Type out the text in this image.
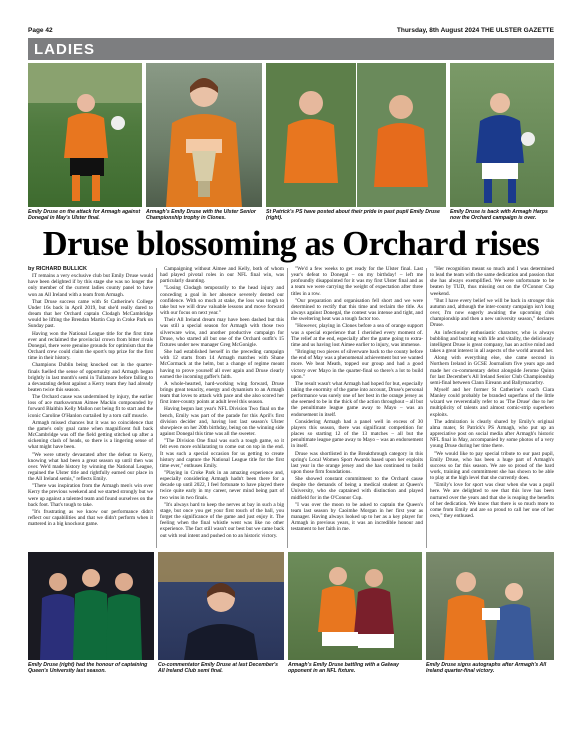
Page 42	Thursday, 8th August 2024 THE ULSTER GAZETTE
LADIES
Emily Druse on the attack for Armagh against Donegal in May's Ulster final.
Armagh's Emily Druse with the Ulster Senior Championship trophy in Clones.
St Patrick's PS have posted about their pride in past pupil Emily Druse (right).
Emily Druse is back with Armagh Harps now the Orchard campaign is over.
Druse blossoming as Orchard rises

by RICHARD BULLICK

IT remains a very exclusive club but Emily Druse would have been delighted if by this stage she was no longer the only member of the current ladies county panel to have won an All Ireland with a team from Armagh.

That Druse success came with St Catherine's College Under 16s back in April 2019, but she'd really dared to dream that her Orchard captain Clodagh McCambridge would be lifting the Brendan Martin Cup in Croke Park on Sunday past.

Having won the National League title for the first time ever and reclaimed the provincial crown from bitter rivals Donegal, there were genuine grounds for optimism that the Orchard crew could claim the sport's top prize for the first time in their history.

Champions Dublin being knocked out in the quarter-finals fuelled the sense of opportunity and Armagh began brightly in last month's semi in Tullamore before falling to a devastating defeat against a Kerry team they had already beaten twice this season.

The Orchard cause was undermined by injury, the earlier loss of ace markswoman Aimee Mackin compounded by forward Blaithin Kelly Mallon not being fit to start and the iconic Caroline O'Hanlon curtailed by a torn calf muscle.

Armagh missed chances but it was no coincidence that the game's only goal came when magnificent full back McCambridge was off the field getting stitched up after a sickening clash of heads, so there is a lingering sense of what might have been.

"We were utterly devastated after the defeat to Kerry, knowing what had been a great season up until then was over. We'd made history by winning the National League, regained the Ulster title and rightfully earned our place in the All Ireland semis," reflects Emily.

"There was inspiration from the Armagh men's win over Kerry the previous weekend and we started strongly but we were up against a talented team and found ourselves on the back foot. That's tough to take.

"It's frustrating as we know our performance didn't reflect our capabilities and that we didn't perform when it mattered in a big knockout game.

Campaigning without Aimee and Kelly, both of whom had played pivotal roles in our NFL final win, was particularly daunting.

"Losing Clodagh temporarily to the head injury and conceding a goal in her absence severely dented our confidence. With so much at stake, the loss was tough to take but we will draw valuable lessons and move forward with our focus on next year."

Their All Ireland dream may have been dashed but this was still a special season for Armagh with those two silverware wins, and another productive campaign for Druse, who started all but one of the Orchard outfit's 15 fixtures under new manager Greg McGonigle.

She had established herself in the preceding campaign with 12 starts from 14 Armagh matches with Shane McCormack at the helm, but a change of regime meant having to prove yourself all over again and Druse clearly earned the incoming gaffer's faith.

A whole-hearted, hard-working wing forward, Druse brings great tenacity, energy and dynamism to an Armagh team that loves to attack with pace and she also scored her first inter-county points at adult level this season.

Having begun last year's NFL Division Two final on the bench, Emily was part of the parade for this April's first division decider and, having lost last season's Ulster showpiece on her 20th birthday, being on the winning side against Donegal this time was all the sweeter.

"The Division One final was such a tough game, so it felt even more exhilarating to come out on top in the end. It was such a special occasion for us getting to create history and capture the National League title for the first time ever," enthuses Emily.

"Playing in Croke Park in an amazing experience and, especially considering Armagh hadn't been there for a decade up until 2022, I feel fortunate to have played there twice quite early in my career, never mind being part of two wins in two finals.

"It's always hard to keep the nerves at bay in such a big stage, but once you get your first touch of the ball, you forget the significance of the game and just enjoy it. The feeling when the final whistle went was like no other experience. The fact still wasn't our best but we came back out with real intent and pushed on to an historic victory.

"We'd a few weeks to get ready for the Ulster final. Last year's defeat to Donegal – on my birthday! – left me profoundly disappointed for it was my first Ulster final and as a team we were carrying the weight of expectation after three titles in a row.

"Our preparation and organisation fell short and we were determined to rectify that this time and reclaim the title. As always against Donegal, the contest was intense and tight, and the sweltering heat was a tough factor too.

"However, playing in Clones before a sea of orange support was a special experience that I cherished every moment of. The relief at the end, especially after the game going to extra-time and us having lost Aimee earlier to injury, was immense.

"Bringing two pieces of silverware back to the county before the end of May was a phenomenal achievement but we wanted more. We beat Meath, topped our group and had a good victory over Mayo in the quarter-final so there's a lot to build upon."

The result wasn't what Armagh had hoped for but, especially taking the enormity of the game into account, Druse's personal performance was surely one of her best in the orange jersey as she seemed to be in the thick of the action throughout – all but the penultimate league game away to Mayo – was an endorsement in itself.

Considering Armagh had a panel well in excess of 30 players this season, there was significant competition for places so starting 12 of the 13 matches – all but the penultimate league game away to Mayo – was an endorsement in itself.

Druse was shortlisted in the Breakthrough category in this spring's Local Women Sport Awards based upon her exploits last year in the orange jersey and she has continued to build upon those firm foundations.

She showed constant commitment to the Orchard cause despite the demands of being a medical student at Queen's University, who she captained with distinction and played midfield for in the O'Connor Cup.

"I was over the moon to be asked to captain the Queen's team last season by Caoimhe Morgan in her first year as manager. Having always looked up to her as a key player for Armagh in previous years, it was an incredible honour and testament to her faith in me.

"Her recognition meant so much and I was determined to lead the team with the same dedication and passion that she has always exemplified. We were unfortunate to be beaten by TUD, thus missing out on the O'Connor Cup weekend.

"But I have every belief we will be back in stronger this autumn and, although the inter-county campaign isn't long over, I'm now eagerly awaiting the upcoming club championship and then a new university season," declares Druse.

An infectiously enthusiastic character, who is always bubbling and bursting with life and vitality, the deliciously intelligent Druse is great company, has an active mind and takes a great interest in all aspects of the world around her.

Along with everything else, she came second in Northern Ireland in GCSE Journalism five years ago and made her co-commentary debut alongside Jerome Quinn for last December's All Ireland Senior Club Championship semi-final between Clann Eireann and Ballymacarbry.

Myself and her former St Catherine's coach Ciara Manley could probably be branded superfans of the little wizard we reverentially refer to as 'The Druse' due to her multiplicity of talents and almost comic-strip superhero exploits.

The admiration is clearly shared by Emily's original alma mater, St Patrick's PS Armagh, who put up an appreciative post on social media after Armagh's historic NFL final in May, accompanied by some photos of a very young Druse during her time there.

"We would like to pay special tribute to our past pupil, Emily Druse, who has been a huge part of Armagh's success so far this season. We are so proud of the hard work, training and commitment she has shown to be able to play at the high level that she currently does.

"Emily's love for sport was clear when she was a pupil here. We are delighted to see that this love has been nurtured over the years and that she is reaping the benefits of her dedication. We know that there is so much more to come from Emily and are so proud to call her one of her own," they enthused.

Emily Druse (right) had the honour of captaining Queen's University last season.
Co-commentator Emily Druse at last December's All Ireland Club semi final.
Armagh's Emily Druse battling with a Galway opponent in an NFL fixture.
Emily Druse signs autographs after Armagh's All Ireland quarter-final victory.
